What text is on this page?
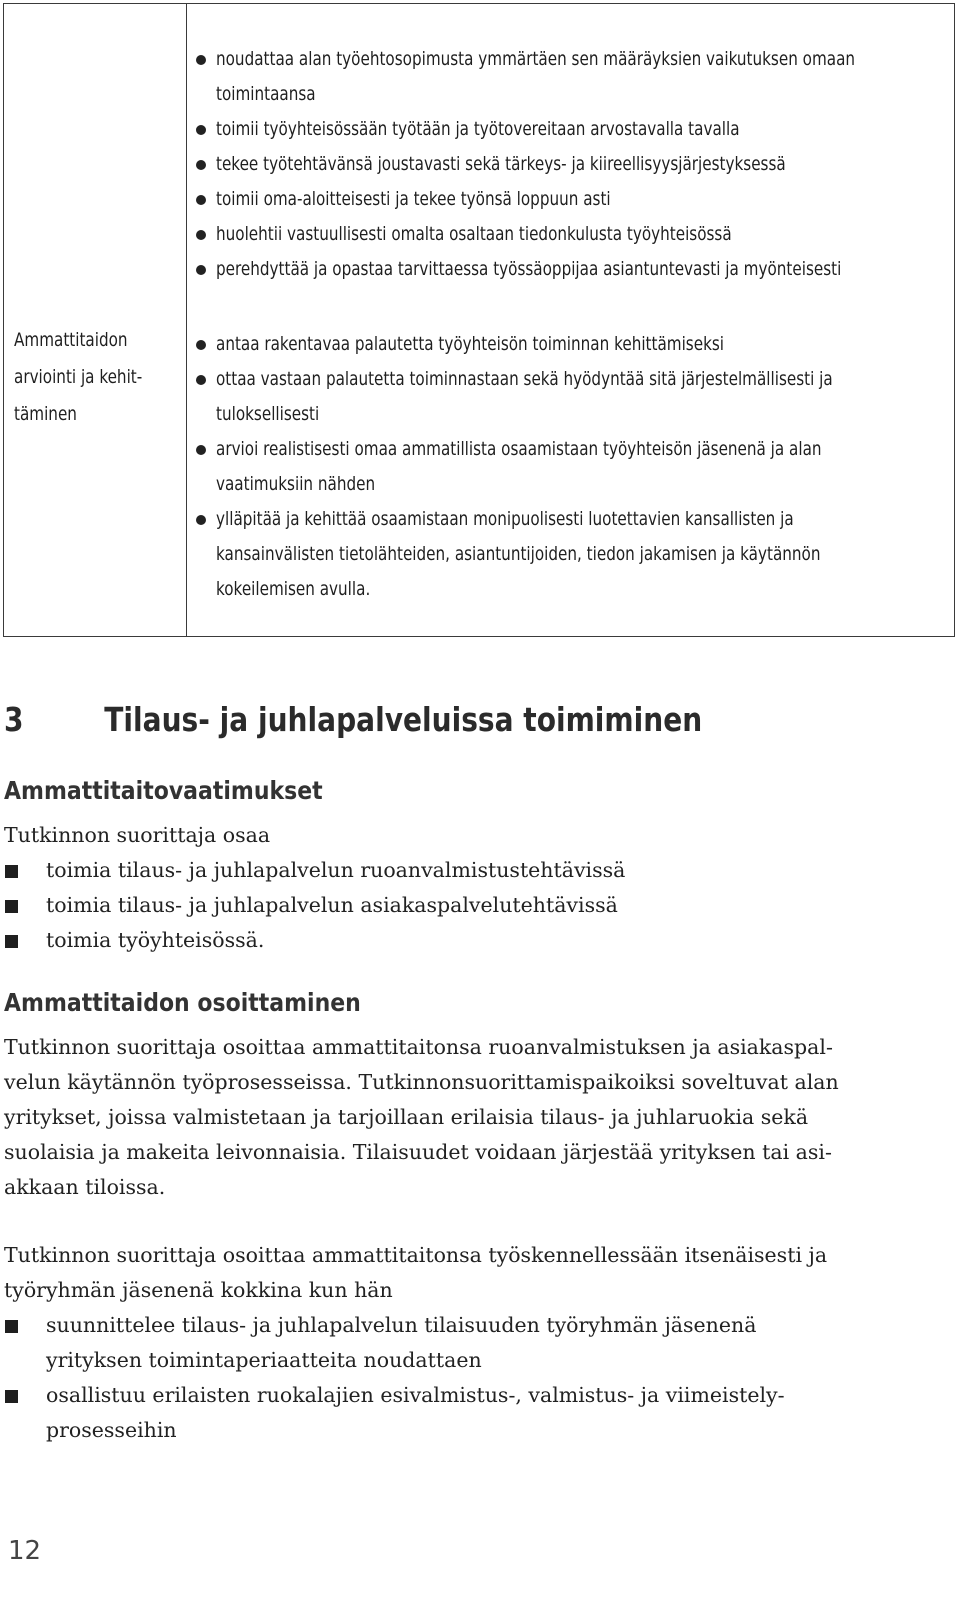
Ammattitaidon
arviointi ja kehit-
täminen
noudattaa alan työehtosopimusta ymmärtäen sen määräyksien vaikutuksen omaan
toimintaansa
toimii työyhteisössään työtään ja työtovereitaan arvostavalla tavalla
tekee työtehtävänsä joustavasti sekä tärkeys- ja kiireellisyysjärjestyksessä
toimii oma-aloitteisesti ja tekee työnsä loppuun asti
huolehtii vastuullisesti omalta osaltaan tiedonkulusta työyhteisössä
perehdyttää ja opastaa tarvittaessa työssäoppijaa asiantuntevasti ja myönteisesti
antaa rakentavaa palautetta työyhteisön toiminnan kehittämiseksi
ottaa vastaan palautetta toiminnastaan sekä hyödyntää sitä järjestelmällisesti ja
tuloksellisesti
arvioi realistisesti omaa ammatillista osaamistaan työyhteisön jäsenenä ja alan
vaatimuksiin nähden
ylläpitää ja kehittää osaamistaan monipuolisesti luotettavien kansallisten ja
kansainvälisten tietolähteiden, asiantuntijoiden, tiedon jakamisen ja käytännön
kokeilemisen avulla.
3 Tilaus- ja juhlapalveluissa toimiminen
Ammattitaitovaatimukset

Tutkinnon suorittaja osaa

toimia tilaus- ja juhlapalvelun ruoanvalmistustehtävissä
toimia tilaus- ja juhlapalvelun asiakaspalvelutehtävissä
toimia työyhteisössä.
Ammattitaidon osoittaminen
Tutkinnon suorittaja osoittaa ammattitaitonsa ruoanvalmistuksen ja asiakaspal-
velun käytännön työprosesseissa. Tutkinnonsuorittamispaikoiksi soveltuvat alan
yritykset, joissa valmistetaan ja tarjoillaan erilaisia tilaus- ja juhlaruokia sekä
suolaisia ja makeita leivonnaisia. Tilaisuudet voidaan järjestää yrityksen tai asi-
akkaan tiloissa.
Tutkinnon suorittaja osoittaa ammattitaitonsa työskennellessään itsenäisesti ja
työryhmän jäsenenä kokkina kun hän
suunnittelee tilaus- ja juhlapalvelun tilaisuuden työryhmän jäsenenä
yrityksen toimintaperiaatteita noudattaen
osallistuu erilaisten ruokalajien esivalmistus-, valmistus- ja viimeistely-
prosesseihin
12
